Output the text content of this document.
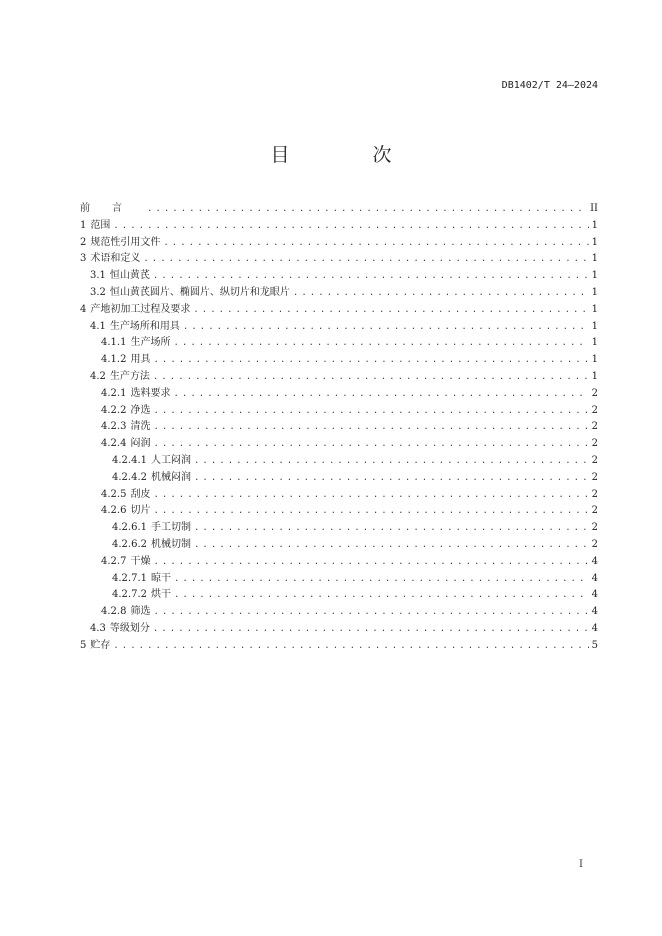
DB1402/T 24—2024
目　次
前言 . . .	II
1 范围 . . .	1
2 规范性引用文件 . . .	1
3 术语和定义 . . .	1
3.1 恒山黄芪 . . .	1
3.2 恒山黄芪圆片、椭圆片、纵切片和龙眼片 . . .	1
4 产地初加工过程及要求 . . .	1
4.1 生产场所和用具 . . .	1
4.1.1 生产场所 . . .	1
4.1.2 用具 . . .	1
4.2 生产方法 . . .	1
4.2.1 选料要求 . . .	2
4.2.2 净选 . . .	2
4.2.3 清洗 . . .	2
4.2.4 闷润 . . .	2
4.2.4.1 人工闷润 . . .	2
4.2.4.2 机械闷润 . . .	2
4.2.5 刮皮 . . .	2
4.2.6 切片 . . .	2
4.2.6.1 手工切制 . . .	2
4.2.6.2 机械切制 . . .	2
4.2.7 干燥 . . .	4
4.2.7.1 晾干 . . .	4
4.2.7.2 烘干 . . .	4
4.2.8 筛选 . . .	4
4.3 等级划分 . . .	4
5 贮存 . . .	5
I
